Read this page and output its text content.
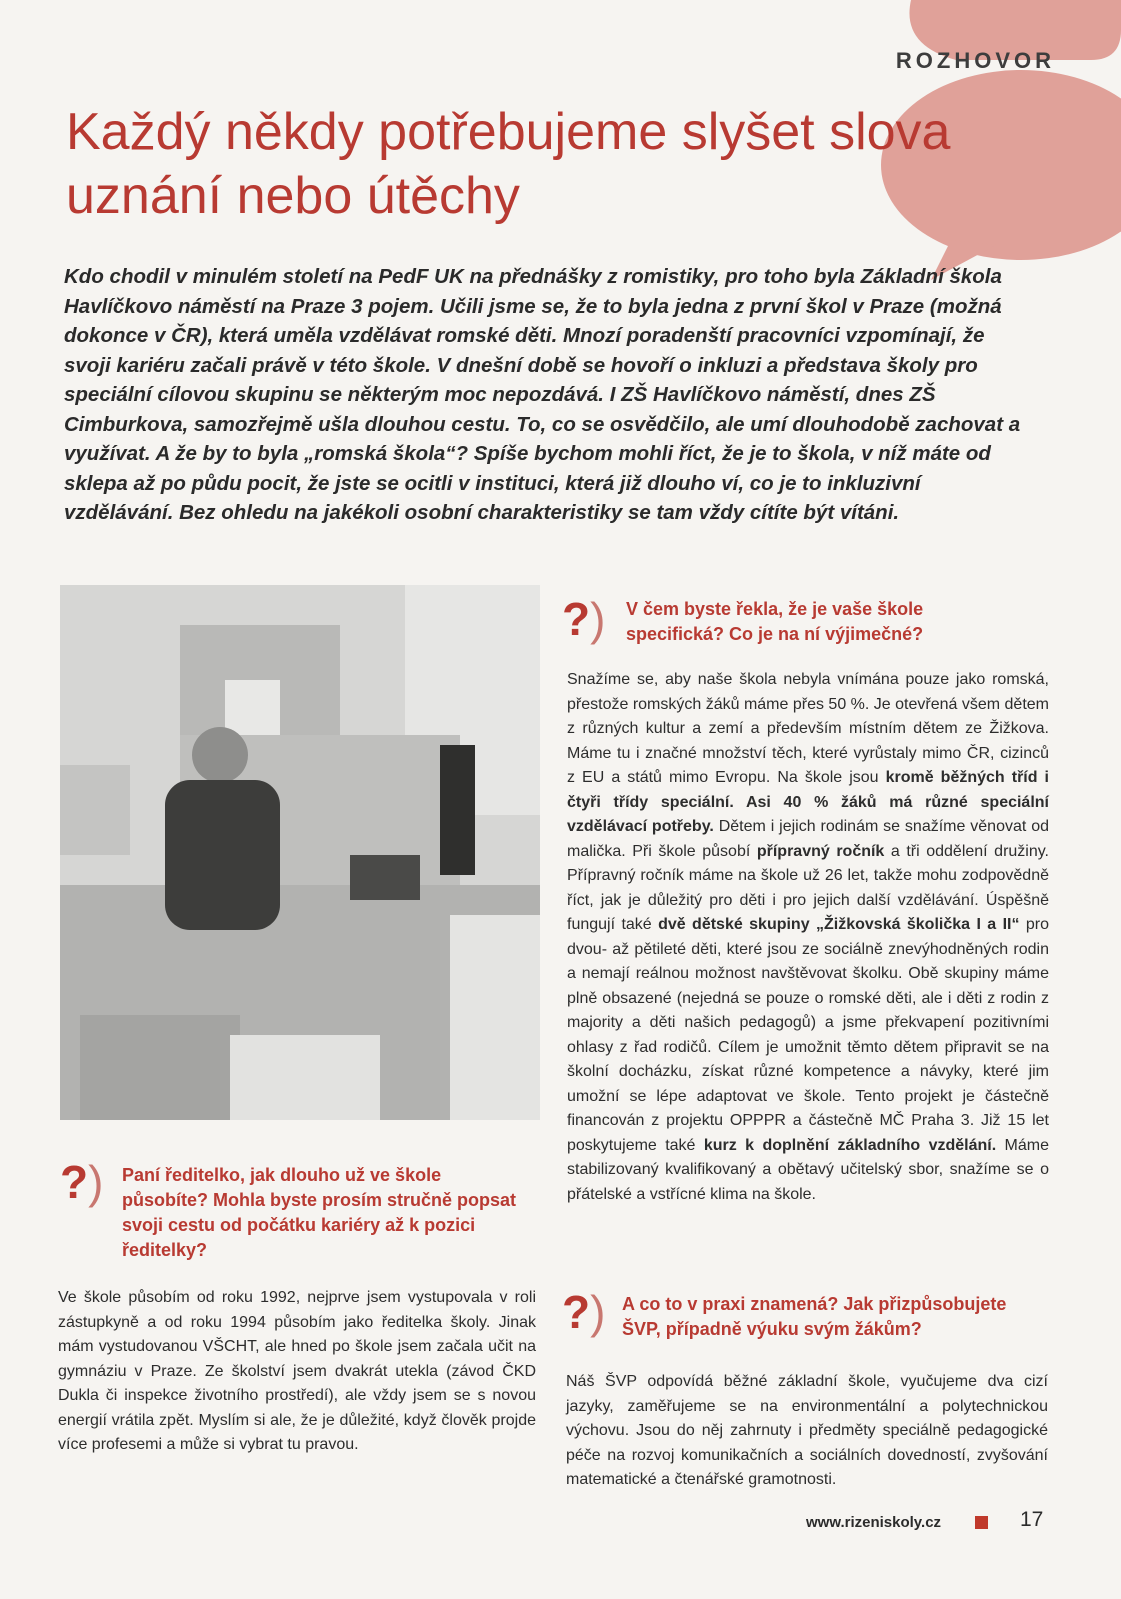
ROZHOVOR
Každý někdy potřebujeme slyšet slova
uznání nebo útěchy

Kdo chodil v minulém století na PedF UK na přednášky z romistiky, pro toho byla Základní škola Havlíčkovo náměstí na Praze 3 pojem. Učili jsme se, že to byla jedna z první škol v Praze (možná dokonce v ČR), která uměla vzdělávat romské děti. Mnozí poradenští pracovníci vzpomínají, že svoji kariéru začali právě v této škole. V dnešní době se hovoří o inkluzi a představa školy pro speciální cílovou skupinu se některým moc nepozdává. I ZŠ Havlíčkovo náměstí, dnes ZŠ Cimburkova, samozřejmě ušla dlouhou cestu. To, co se osvědčilo, ale umí dlouhodobě zachovat a využívat. A že by to byla „romská škola“? Spíše bychom mohli říct, že je to škola, v níž máte od sklepa až po půdu pocit, že jste se ocitli v instituci, která již dlouho ví, co je to inkluzivní vzdělávání. Bez ohledu na jakékoli osobní charakteristiky se tam vždy cítíte být vítáni.

?) Paní ředitelko, jak dlouho už ve škole působíte? Mohla byste prosím stručně popsat svoji cestu od počátku kariéry až k pozici ředitelky?

Ve škole působím od roku 1992, nejprve jsem vystupovala v roli zástupkyně a od roku 1994 působím jako ředitelka školy. Jinak mám vystudovanou VŠCHT, ale hned po škole jsem začala učit na gymnáziu v Praze. Ze školství jsem dvakrát utekla (závod ČKD Dukla či inspekce životního prostředí), ale vždy jsem se s novou energií vrátila zpět. Myslím si ale, že je důležité, když člověk projde více profesemi a může si vybrat tu pravou.

?) V čem byste řekla, že je vaše škole specifická? Co je na ní výjimečné?

Snažíme se, aby naše škola nebyla vnímána pouze jako romská, přestože romských žáků máme přes 50 %. Je otevřená všem dětem z různých kultur a zemí a především místním dětem ze Žižkova. Máme tu i značné množství těch, které vyrůstaly mimo ČR, cizinců z EU a států mimo Evropu. Na škole jsou kromě běžných tříd i čtyři třídy speciální. Asi 40 % žáků má různé speciální vzdělávací potřeby. Dětem i jejich rodinám se snažíme věnovat od malička. Při škole působí přípravný ročník a tři oddělení družiny. Přípravný ročník máme na škole už 26 let, takže mohu zodpovědně říct, jak je důležitý pro děti i pro jejich další vzdělávání. Úspěšně fungují také dvě dětské skupiny „Žižkovská školička I a II“ pro dvou- až pětileté děti, které jsou ze sociálně znevýhodněných rodin a nemají reálnou možnost navštěvovat školku. Obě skupiny máme plně obsazené (nejedná se pouze o romské děti, ale i děti z rodin z majority a děti našich pedagogů) a jsme překvapení pozitivními ohlasy z řad rodičů. Cílem je umožnit těmto dětem připravit se na školní docházku, získat různé kompetence a návyky, které jim umožní se lépe adaptovat ve škole. Tento projekt je částečně financován z projektu OPPPR a částečně MČ Praha 3. Již 15 let poskytujeme také kurz k doplnění základního vzdělání. Máme stabilizovaný kvalifikovaný a obětavý učitelský sbor, snažíme se o přátelské a vstřícné klima na škole.

?) A co to v praxi znamená? Jak přizpůsobujete ŠVP, případně výuku svým žákům?

Náš ŠVP odpovídá běžné základní škole, vyučujeme dva cizí jazyky, zaměřujeme se na environmentální a polytechnickou výchovu. Jsou do něj zahrnuty i předměty speciálně pedagogické péče na rozvoj komunikačních a sociálních dovedností, zvyšování matematické a čtenářské gramotnosti.

www.rizeniskoly.cz	17
